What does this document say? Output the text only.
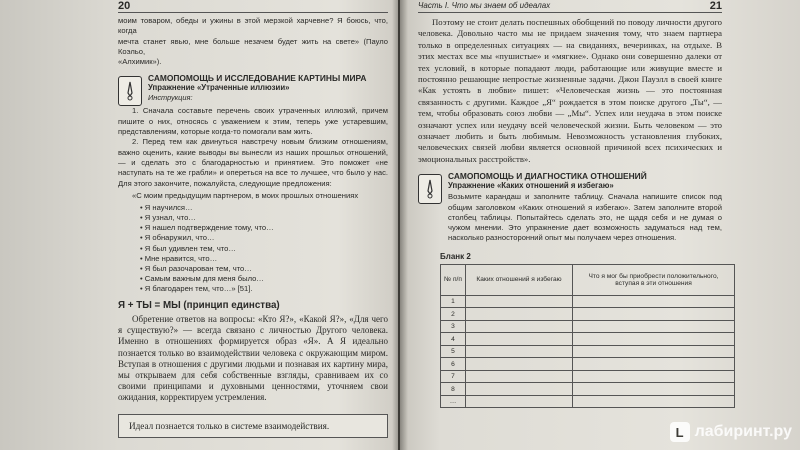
20

моим товаром, обеды и ужины в этой мерзкой харчевне? Я боюсь, что, когда

мечта станет явью, мне больше незачем будет жить на свете» (Пауло Коэльо,

«Алхимик»).

САМОПОМОЩЬ И ИССЛЕДОВАНИЕ КАРТИНЫ МИРА
Упражнение «Утраченные иллюзии»
Инструкция:

1. Сначала составьте перечень своих утраченных иллюзий, причем пишите о них, относясь с уважением к этим, теперь уже устаревшим, представлениям, которые когда-то помогали вам жить.

2. Перед тем как двинуться навстречу новым близким отношениям, важно оценить, какие выводы вы вынесли из наших прошлых отношений, — и сделать это с благодарностью и принятием. Это поможет «не наступать на те же грабли» и опереться на все то лучшее, что было у нас. Для этого закончите, пожалуйста, следующие предложения:

«С моим предыдущим партнером, в моих прошлых отношениях

• Я научился…
• Я узнал, что…
• Я нашел подтверждение тому, что…
• Я обнаружил, что…
• Я был удивлен тем, что…
• Мне нравится, что…
• Я был разочарован тем, что…
• Самым важным для меня было…
• Я благодарен тем, что…» [51].
Я + ТЫ = МЫ (принцип единства)

Обретение ответов на вопросы: «Кто Я?», «Какой Я?», «Для чего я существую?» — всегда связано с личностью Другого человека. Именно в отношениях формируется образ «Я». А Я идеально познается только во взаимодействии человека с окружающим миром. Вступая в отношения с другими людьми и познавая их картину мира, мы открываем для себя собственные взгляды, сравниваем их со своими принципами и духовными ценностями, уточняем свои ожидания, корректируем устремления.

Идеал познается только в системе взаимодействия.
Часть I. Что мы знаем об идеалах	21

Поэтому не стоит делать поспешных обобщений по поводу личности другого человека. Довольно часто мы не придаем значения тому, что знаем партнера только в определенных ситуациях — на свиданиях, вечеринках, на отдыхе. В этих местах все мы «пушистые» и «мягкие». Однако они совершенно далеки от тех условий, в которые попадают люди, работающие или живущие вместе и постоянно решающие непростые жизненные задачи. Джон Пауэлл в своей книге «Как устоять в любви» пишет: «Человеческая жизнь — это постоянная связанность с другими. Каждое „Я“ рождается в этом поиске другого „Ты“, — тем, чтобы образовать союз любви — „Мы“. Успех или неудача в этом поиске означают успех или неудачу всей человеческой жизни. Быть человеком — это означает любить и быть любимым. Невозможность установления глубоких, человеческих связей любви является основной причиной всех психических и эмоциональных расстройств».

САМОПОМОЩЬ И ДИАГНОСТИКА ОТНОШЕНИЙ
Упражнение «Каких отношений я избегаю»

Возьмите карандаш и заполните таблицу. Сначала напишите список под общим заголовком «Каких отношений я избегаю». Затем заполните второй столбец таблицы. Попытайтесь сделать это, не щадя себя и не думая о чужом мнении. Это упражнение дает возможность задуматься над тем, насколько разносторонний опыт мы получаем через отношения.

Бланк 2
№ п/п	Каких отношений я избегаю	Что я мог бы приобрести положительного, вступая в эти отношения
1		
2		
3		
4		
5		
6		
7		
8		
…		
L лабиринт.ру
